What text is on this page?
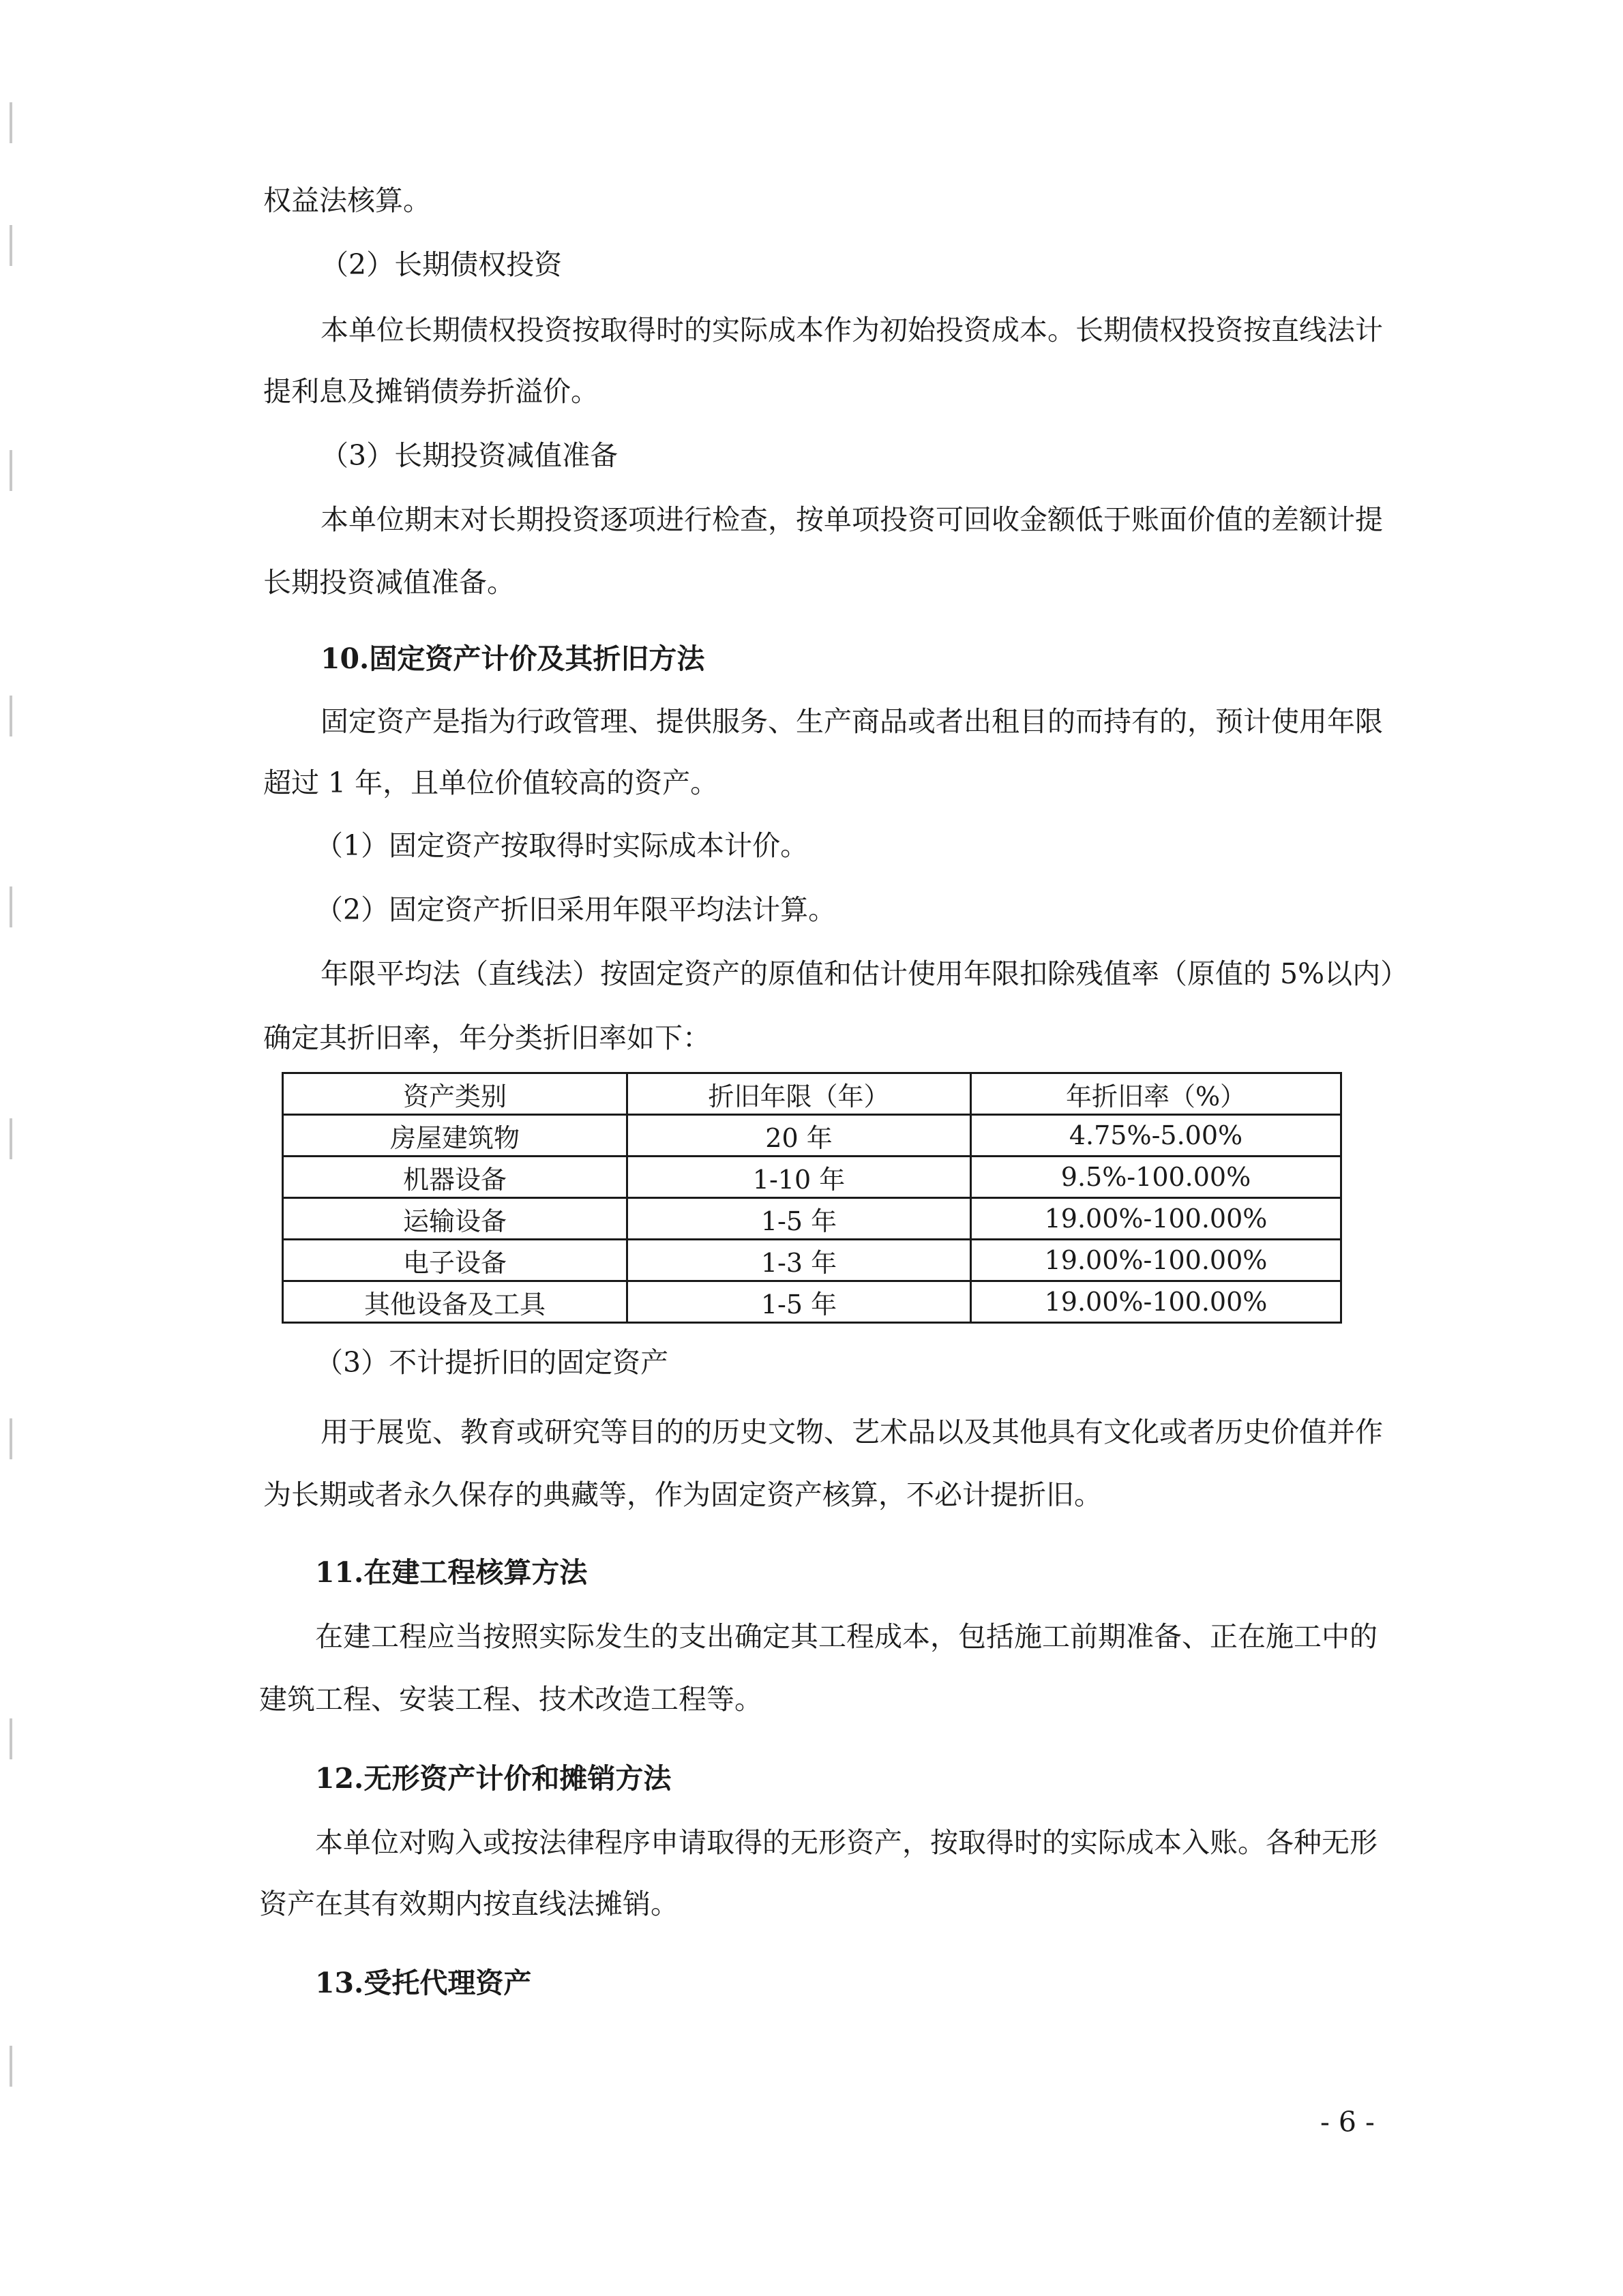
权益法核算。
（2）长期债权投资
本单位长期债权投资按取得时的实际成本作为初始投资成本。长期债权投资按直线法计
提利息及摊销债券折溢价。
（3）长期投资减值准备
本单位期末对长期投资逐项进行检查，按单项投资可回收金额低于账面价值的差额计提
长期投资减值准备。
10.固定资产计价及其折旧方法
固定资产是指为行政管理、提供服务、生产商品或者出租目的而持有的，预计使用年限
超过 1 年，且单位价值较高的资产。
（1）固定资产按取得时实际成本计价。
（2）固定资产折旧采用年限平均法计算。
年限平均法（直线法）按固定资产的原值和估计使用年限扣除残值率（原值的 5%以内）
确定其折旧率，年分类折旧率如下：
资产类别	折旧年限（年）	年折旧率（%）
房屋建筑物	20 年	4.75%-5.00%
机器设备	1-10 年	9.5%-100.00%
运输设备	1-5 年	19.00%-100.00%
电子设备	1-3 年	19.00%-100.00%
其他设备及工具	1-5 年	19.00%-100.00%
（3）不计提折旧的固定资产
用于展览、教育或研究等目的的历史文物、艺术品以及其他具有文化或者历史价值并作
为长期或者永久保存的典藏等，作为固定资产核算，不必计提折旧。
11.在建工程核算方法
在建工程应当按照实际发生的支出确定其工程成本，包括施工前期准备、正在施工中的
建筑工程、安装工程、技术改造工程等。
12.无形资产计价和摊销方法
本单位对购入或按法律程序申请取得的无形资产，按取得时的实际成本入账。各种无形
资产在其有效期内按直线法摊销。
13.受托代理资产
- 6 -
